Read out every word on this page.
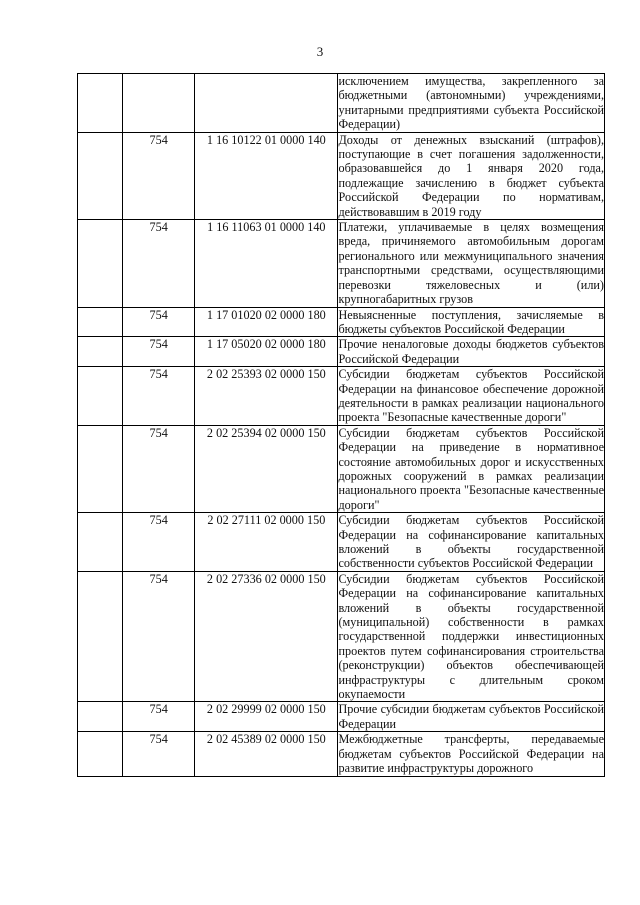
3

			исключением имущества, закрепленного за бюджетными (автономными) учреждениями, унитарными предприятиями субъекта Российской Федерации)

	754	1 16 10122 01 0000 140	Доходы от денежных взысканий (штрафов), поступающие в счет погашения задолженности, образовавшейся до 1 января 2020 года, подлежащие зачислению в бюджет субъекта Российской Федерации по нормативам, действовавшим в 2019 году

	754	1 16 11063 01 0000 140	Платежи, уплачиваемые в целях возмещения вреда, причиняемого автомобильным дорогам регионального или межмуниципального значения транспортными средствами, осуществляющими перевозки тяжеловесных и (или) крупногабаритных грузов

	754	1 17 01020 02 0000 180	Невыясненные поступления, зачисляемые в бюджеты субъектов Российской Федерации

	754	1 17 05020 02 0000 180	Прочие неналоговые доходы бюджетов субъектов Российской Федерации

	754	2 02 25393 02 0000 150	Субсидии бюджетам субъектов Российской Федерации на финансовое обеспечение дорожной деятельности в рамках реализации национального проекта "Безопасные качественные дороги"

	754	2 02 25394 02 0000 150	Субсидии бюджетам субъектов Российской Федерации на приведение в нормативное состояние автомобильных дорог и искусственных дорожных сооружений в рамках реализации национального проекта "Безопасные качественные дороги"

	754	2 02 27111 02 0000 150	Субсидии бюджетам субъектов Российской Федерации на софинансирование капитальных вложений в объекты государственной собственности субъектов Российской Федерации

	754	2 02 27336 02 0000 150	Субсидии бюджетам субъектов Российской Федерации на софинансирование капитальных вложений в объекты государственной (муниципальной) собственности в рамках государственной поддержки инвестиционных проектов путем софинансирования строительства (реконструкции) объектов обеспечивающей инфраструктуры с длительным сроком окупаемости

	754	2 02 29999 02 0000 150	Прочие субсидии бюджетам субъектов Российской Федерации

	754	2 02 45389 02 0000 150	Межбюджетные трансферты, передаваемые бюджетам субъектов Российской Федерации на развитие инфраструктуры дорожного
